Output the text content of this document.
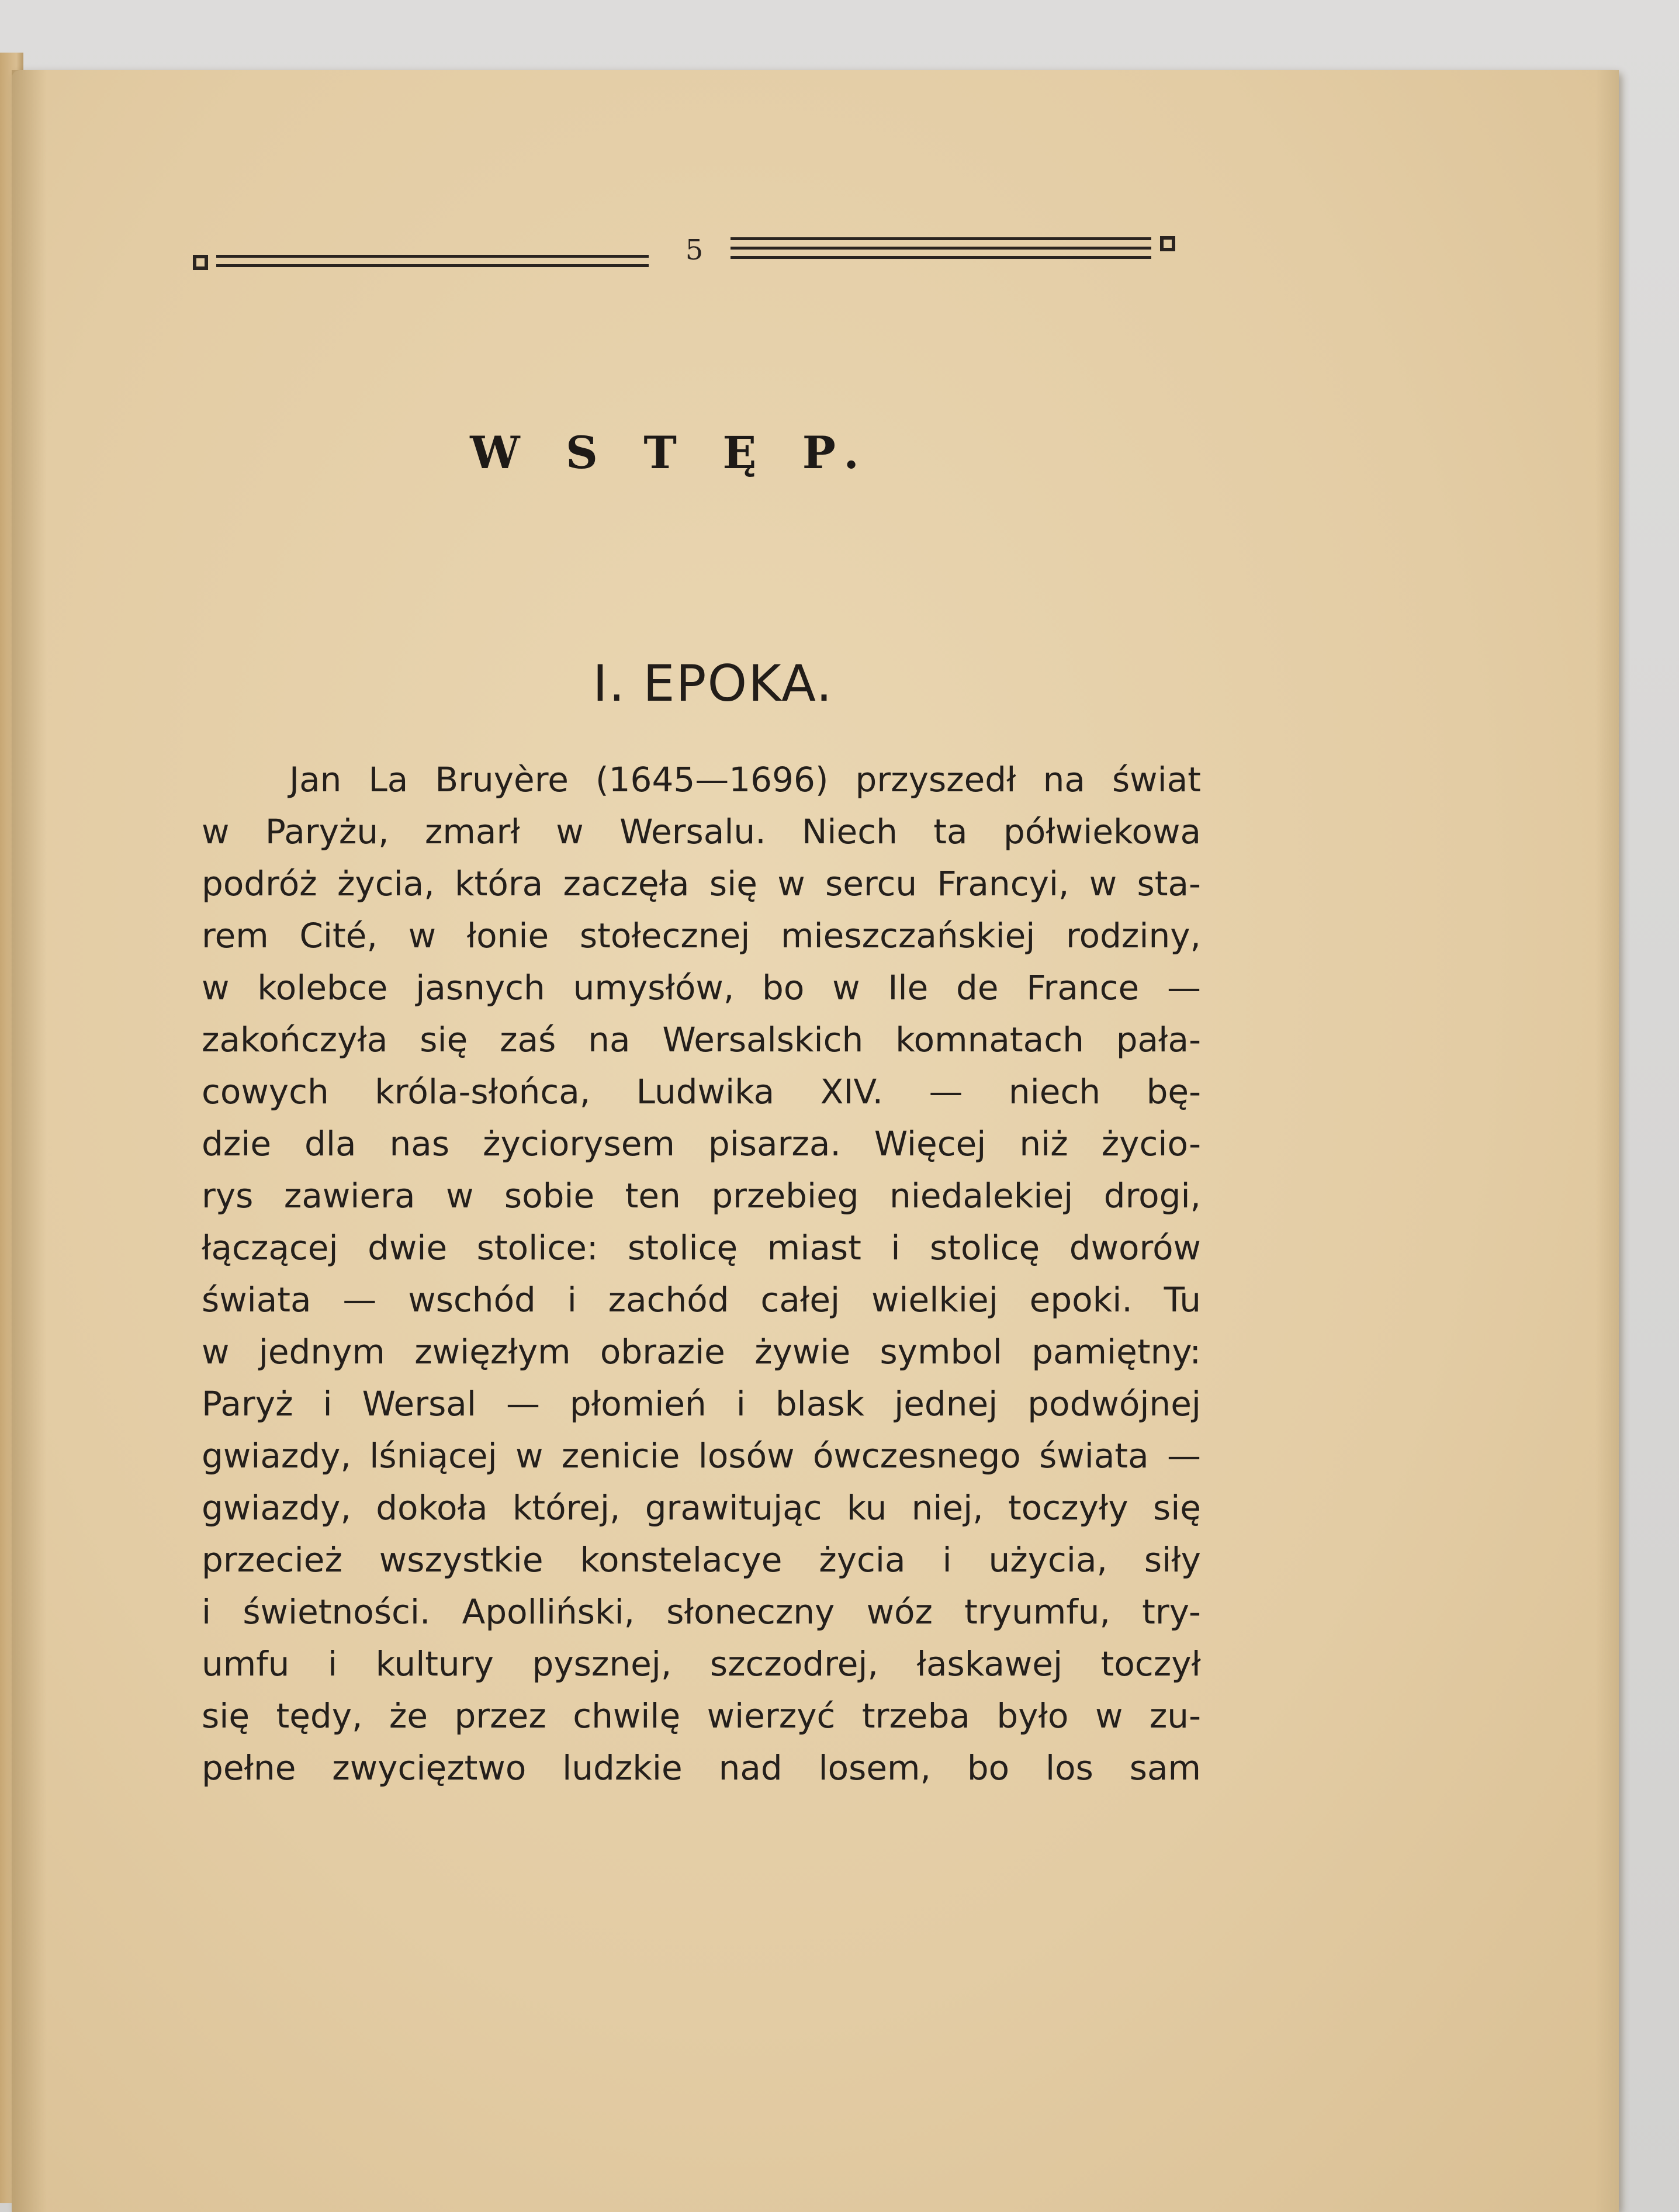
5
W S T Ę P.
I. EPOKA.
Jan La Bruyère (1645—1696) przyszedł na świat
w Paryżu, zmarł w Wersalu. Niech ta półwiekowa
podróż życia, która zaczęła się w sercu Francyi, w sta-
rem Cité, w łonie stołecznej mieszczańskiej rodziny,
w kolebce jasnych umysłów, bo w Ile de France —
zakończyła się zaś na Wersalskich komnatach pała-
cowych króla-słońca, Ludwika XIV. — niech bę-
dzie dla nas życiorysem pisarza. Więcej niż życio-
rys zawiera w sobie ten przebieg niedalekiej drogi,
łączącej dwie stolice: stolicę miast i stolicę dworów
świata — wschód i zachód całej wielkiej epoki. Tu
w jednym zwięzłym obrazie żywie symbol pamiętny:
Paryż i Wersal — płomień i blask jednej podwójnej
gwiazdy, lśniącej w zenicie losów ówczesnego świata —
gwiazdy, dokoła której, grawitując ku niej, toczyły się
przecież wszystkie konstelacye życia i użycia, siły
i świetności. Apolliński, słoneczny wóz tryumfu, try-
umfu i kultury pysznej, szczodrej, łaskawej toczył
się tędy, że przez chwilę wierzyć trzeba było w zu-
pełne zwycięztwo ludzkie nad losem, bo los sam
